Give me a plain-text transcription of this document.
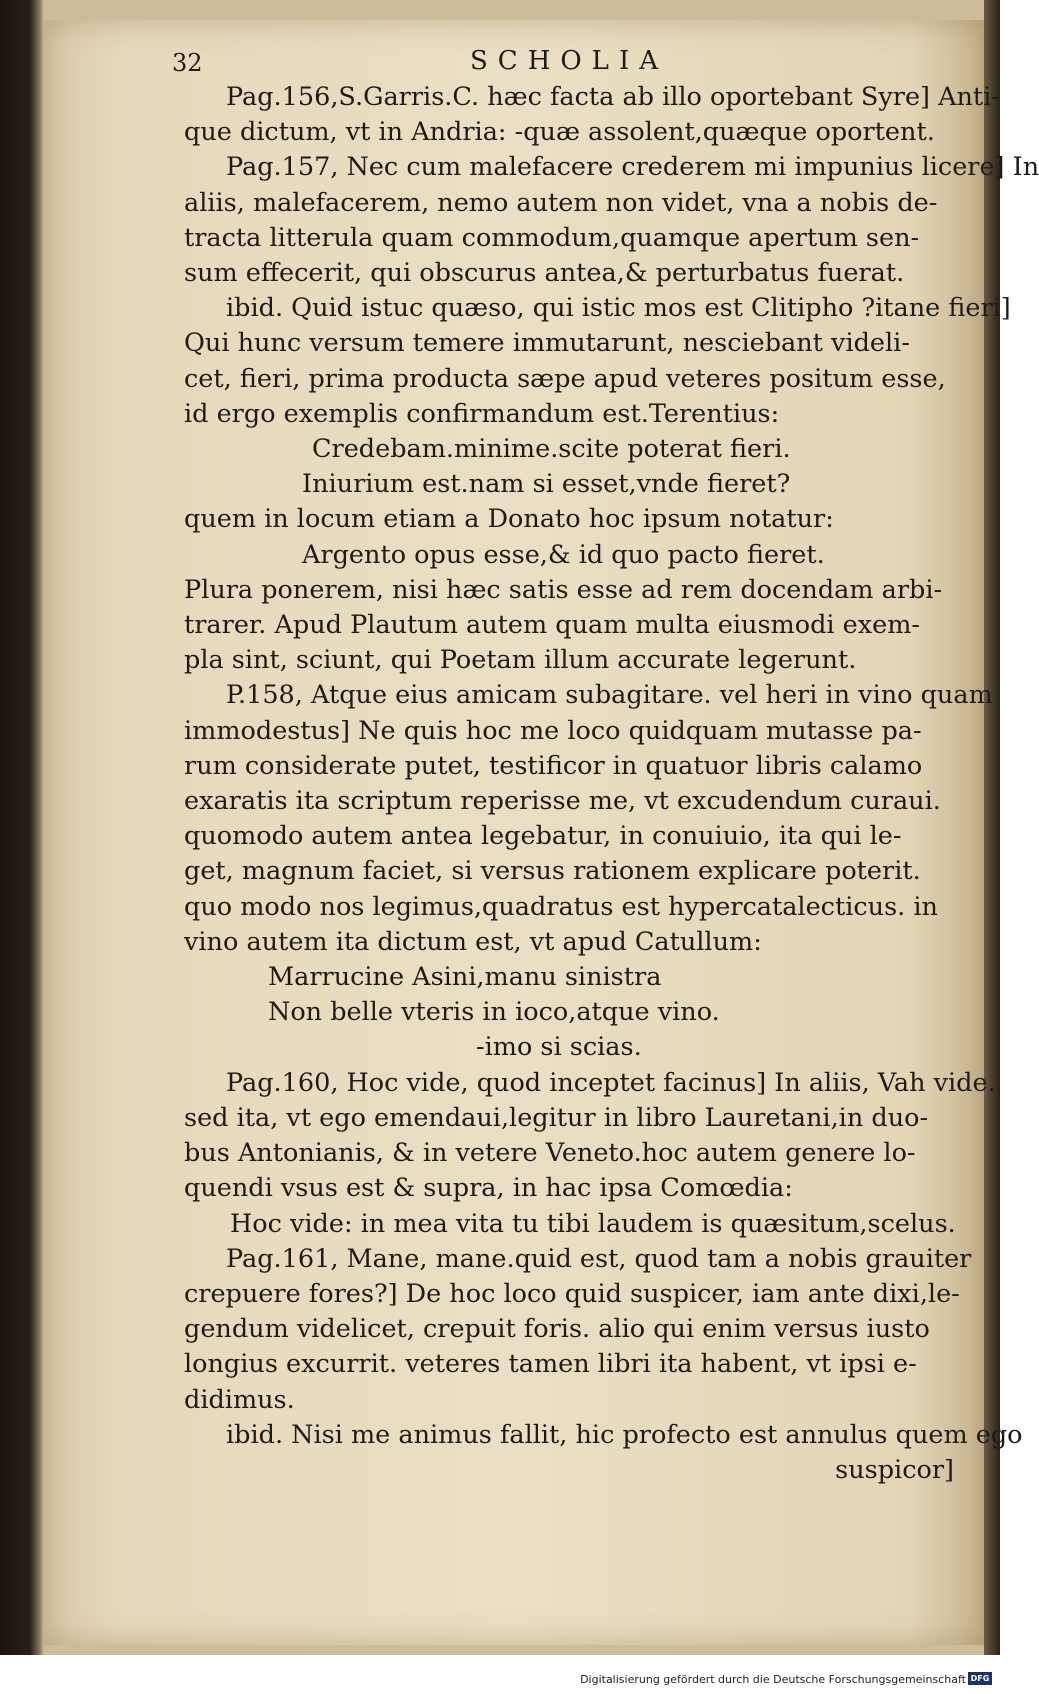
32	SCHOLIA
Pag.156,S.Garris.C. hæc facta ab illo oportebant Syre] Anti-
que dictum, vt in Andria: -quæ assolent,quæque oportent.
Pag.157, Nec cum malefacere crederem mi impunius licere] In
aliis, malefacerem, nemo autem non videt, vna a nobis de-
tracta litterula quam commodum,quamque apertum sen-
sum effecerit, qui obscurus antea,& perturbatus fuerat.
ibid. Quid istuc quæso, qui istic mos est Clitipho ?itane fieri]
Qui hunc versum temere immutarunt, nesciebant videli-
cet, fieri, prima producta sæpe apud veteres positum esse,
id ergo exemplis confirmandum est.Terentius:
Credebam.minime.scite poterat fieri.
Iniurium est.nam si esset,vnde fieret?
quem in locum etiam a Donato hoc ipsum notatur:
Argento opus esse,& id quo pacto fieret.
Plura ponerem, nisi hæc satis esse ad rem docendam arbi-
trarer. Apud Plautum autem quam multa eiusmodi exem-
pla sint, sciunt, qui Poetam illum accurate legerunt.
P.158, Atque eius amicam subagitare. vel heri in vino quam
immodestus] Ne quis hoc me loco quidquam mutasse pa-
rum considerate putet, testificor in quatuor libris calamo
exaratis ita scriptum reperisse me, vt excudendum curaui.
quomodo autem antea legebatur, in conuiuio, ita qui le-
get, magnum faciet, si versus rationem explicare poterit.
quo modo nos legimus,quadratus est hypercatalecticus. in
vino autem ita dictum est, vt apud Catullum:
Marrucine Asini,manu sinistra
Non belle vteris in ioco,atque vino.
-imo si scias.
Pag.160, Hoc vide, quod inceptet facinus] In aliis, Vah vide.
sed ita, vt ego emendaui,legitur in libro Lauretani,in duo-
bus Antonianis, & in vetere Veneto.hoc autem genere lo-
quendi vsus est & supra, in hac ipsa Comœdia:
Hoc vide: in mea vita tu tibi laudem is quæsitum,scelus.
Pag.161, Mane, mane.quid est, quod tam a nobis grauiter
crepuere fores?] De hoc loco quid suspicer, iam ante dixi,le-
gendum videlicet, crepuit foris. alio qui enim versus iusto
longius excurrit. veteres tamen libri ita habent, vt ipsi e-
didimus.
ibid. Nisi me animus fallit, hic profecto est annulus quem ego
suspicor]
Digitalisierung gefördert durch die Deutsche Forschungsgemeinschaft DFG
